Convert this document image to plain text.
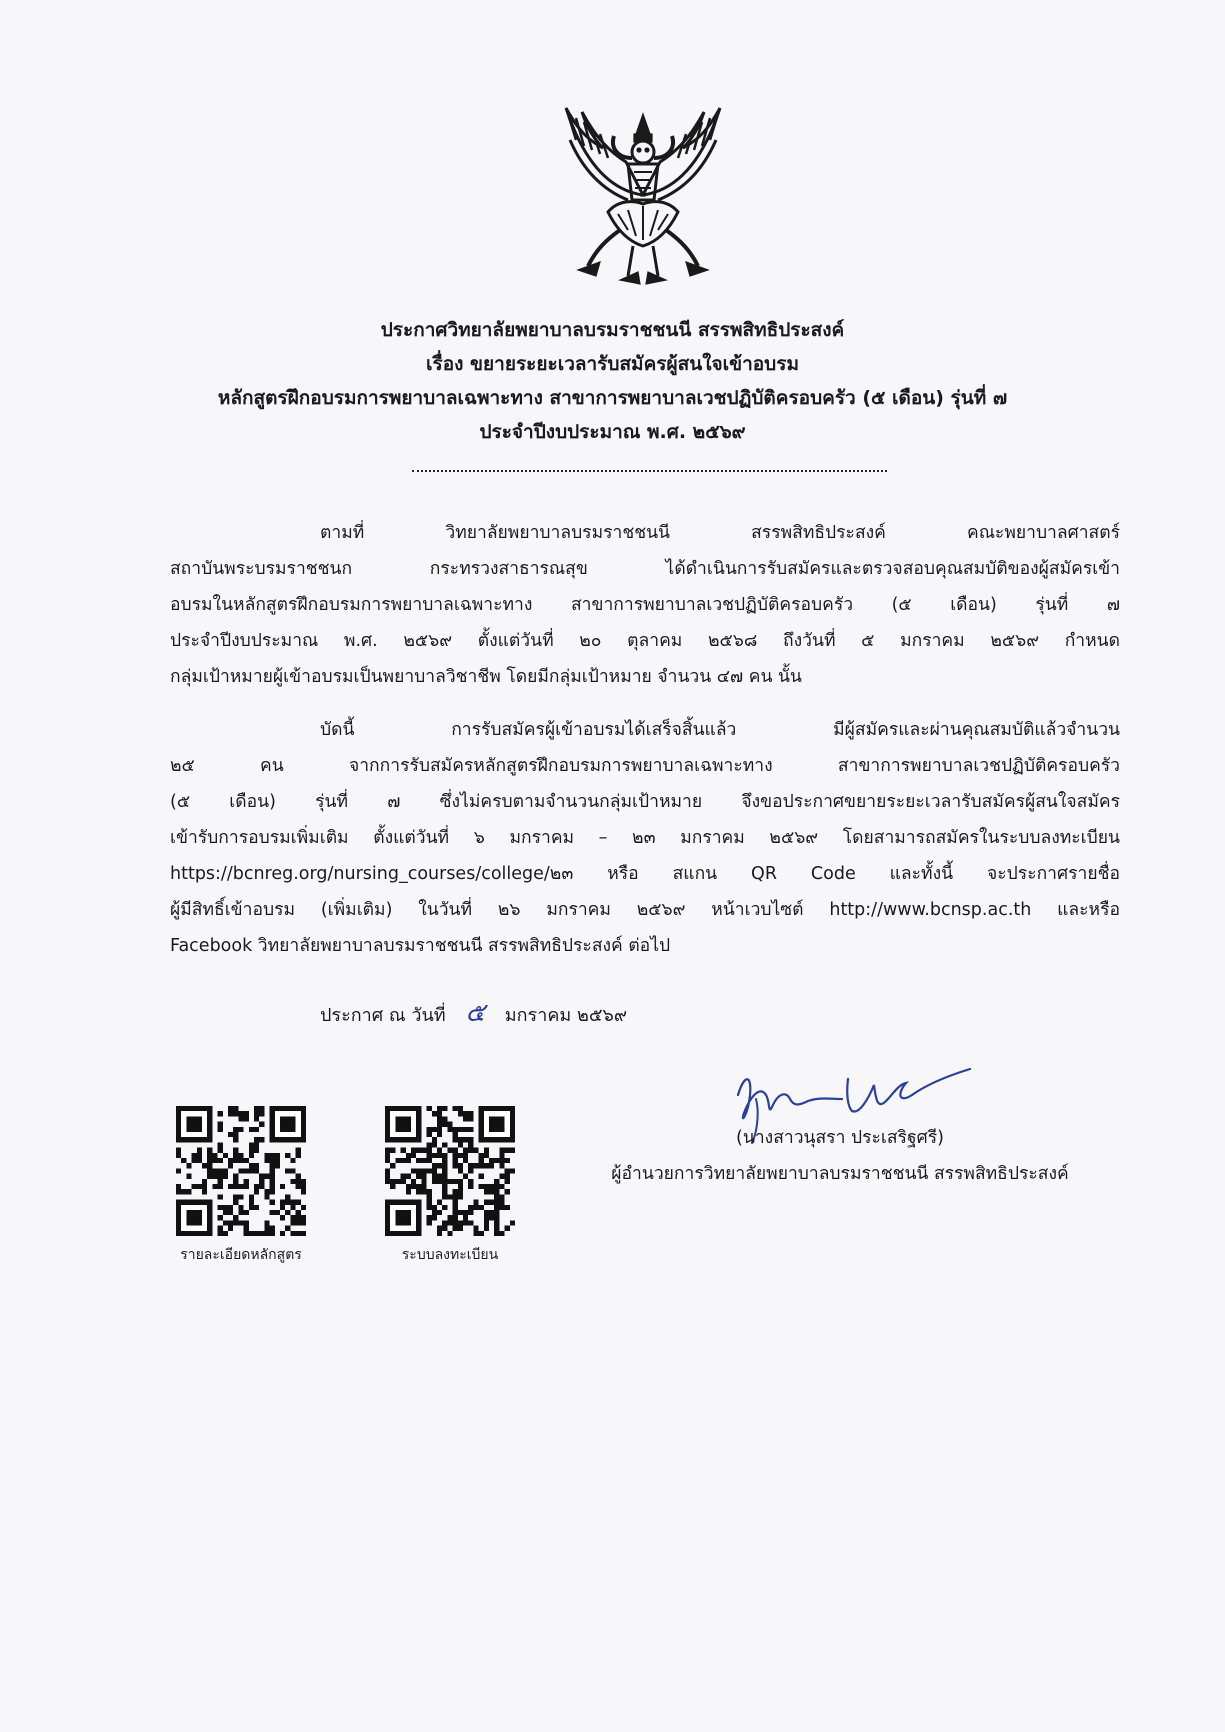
ประกาศวิทยาลัยพยาบาลบรมราชชนนี สรรพสิทธิประสงค์
เรื่อง ขยายระยะเวลารับสมัครผู้สนใจเข้าอบรม
หลักสูตรฝึกอบรมการพยาบาลเฉพาะทาง สาขาการพยาบาลเวชปฏิบัติครอบครัว (๕ เดือน) รุ่นที่ ๗
ประจำปีงบประมาณ พ.ศ. ๒๕๖๙
ตามที่ วิทยาลัยพยาบาลบรมราชชนนี สรรพสิทธิประสงค์ คณะพยาบาลศาสตร์
สถาบันพระบรมราชชนก กระทรวงสาธารณสุข ได้ดำเนินการรับสมัครและตรวจสอบคุณสมบัติของผู้สมัครเข้า
อบรมในหลักสูตรฝึกอบรมการพยาบาลเฉพาะทาง สาขาการพยาบาลเวชปฏิบัติครอบครัว (๕ เดือน) รุ่นที่ ๗
ประจำปีงบประมาณ พ.ศ. ๒๕๖๙ ตั้งแต่วันที่ ๒๐ ตุลาคม ๒๕๖๘ ถึงวันที่ ๕ มกราคม ๒๕๖๙ กำหนด
กลุ่มเป้าหมายผู้เข้าอบรมเป็นพยาบาลวิชาชีพ โดยมีกลุ่มเป้าหมาย จำนวน ๔๗ คน นั้น
บัดนี้ การรับสมัครผู้เข้าอบรมได้เสร็จสิ้นแล้ว มีผู้สมัครและผ่านคุณสมบัติแล้วจำนวน
๒๕ คน จากการรับสมัครหลักสูตรฝึกอบรมการพยาบาลเฉพาะทาง สาขาการพยาบาลเวชปฏิบัติครอบครัว
(๕ เดือน) รุ่นที่ ๗ ซึ่งไม่ครบตามจำนวนกลุ่มเป้าหมาย จึงขอประกาศขยายระยะเวลารับสมัครผู้สนใจสมัคร
เข้ารับการอบรมเพิ่มเติม ตั้งแต่วันที่ ๖ มกราคม – ๒๓ มกราคม ๒๕๖๙ โดยสามารถสมัครในระบบลงทะเบียน
https://bcnreg.org/nursing_courses/college/๒๓ หรือ สแกน QR Code และทั้งนี้ จะประกาศรายชื่อ
ผู้มีสิทธิ์เข้าอบรม (เพิ่มเติม) ในวันที่ ๒๖ มกราคม ๒๕๖๙ หน้าเวบไซต์ http://www.bcnsp.ac.th และหรือ
Facebook วิทยาลัยพยาบาลบรมราชชนนี สรรพสิทธิประสงค์ ต่อไป
ประกาศ ณ วันที่ ๕ มกราคม ๒๕๖๙
(นางสาวนุสรา ประเสริฐศรี)
ผู้อำนวยการวิทยาลัยพยาบาลบรมราชชนนี สรรพสิทธิประสงค์
รายละเอียดหลักสูตร	ระบบลงทะเบียน
